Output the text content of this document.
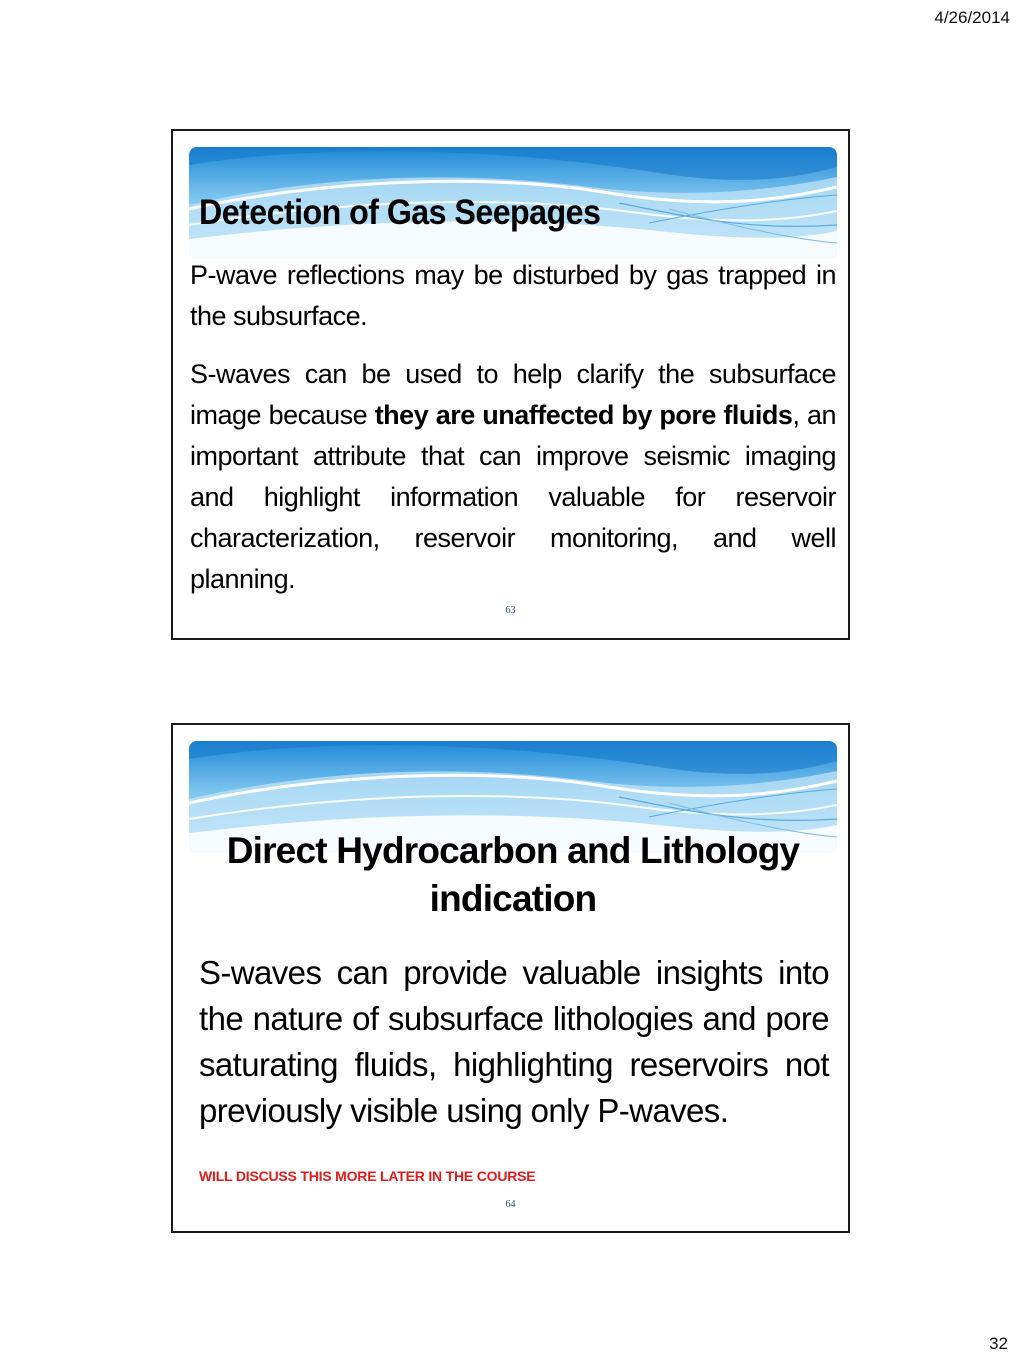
4/26/2014
Detection of Gas Seepages

P-wave reflections may be disturbed by gas trapped in the subsurface.

S-waves can be used to help clarify the subsurface image because they are unaffected by pore fluids, an important attribute that can improve seismic imaging and highlight information valuable for reservoir characterization, reservoir monitoring, and well planning.

63
Direct Hydrocarbon and Lithology
indication

S-waves can provide valuable insights into the nature of subsurface lithologies and pore saturating fluids, highlighting reservoirs not previously visible using only P-waves.

WILL DISCUSS THIS MORE LATER IN THE COURSE
64
32
